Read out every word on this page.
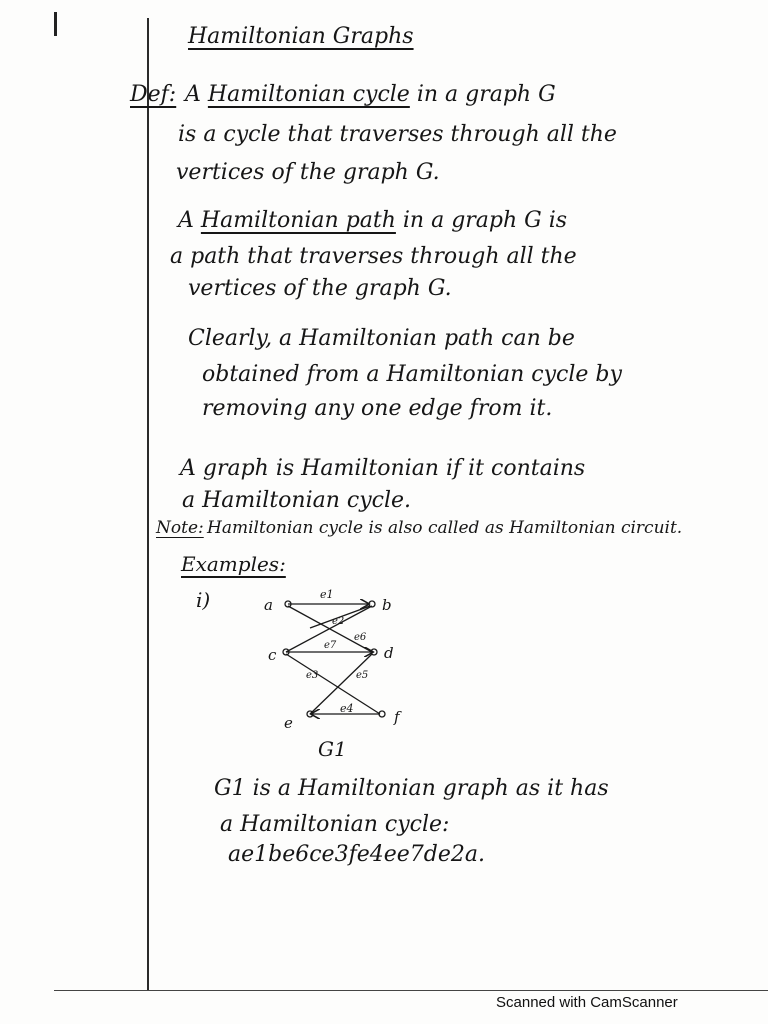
Hamiltonian Graphs
Def: A Hamiltonian cycle in a graph G
is a cycle that traverses through all the
vertices of the graph G.
A Hamiltonian path in a graph G is
a path that traverses through all the
vertices of the graph G.
Clearly, a Hamiltonian path can be
obtained from a Hamiltonian cycle by
removing any one edge from it.
A graph is Hamiltonian if it contains
a Hamiltonian cycle.
Note: Hamiltonian cycle is also called as Hamiltonian circuit.
Examples:
i)	a	b
c	d
e	f
e1
e2
e3
e4
e5
e6
e7
G1
G1 is a Hamiltonian graph as it has
a Hamiltonian cycle:
ae1be6ce3fe4ee7de2a.
Scanned with CamScanner
